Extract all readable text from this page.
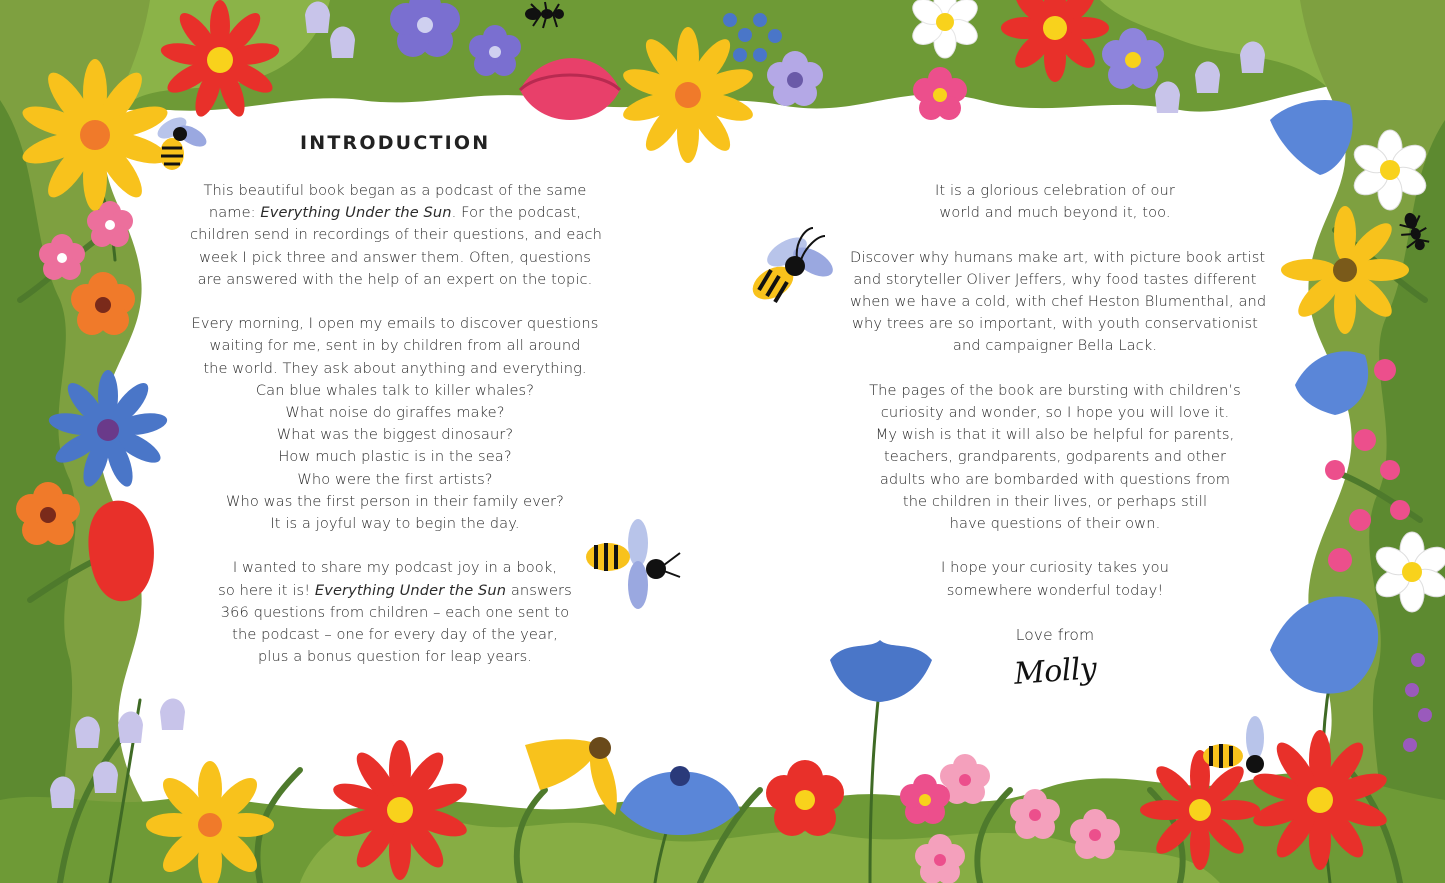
INTRODUCTION

This beautiful book began as a podcast of the same
name: Everything Under the Sun. For the podcast,
children send in recordings of their questions, and each
week I pick three and answer them. Often, questions
are answered with the help of an expert on the topic.

Every morning, I open my emails to discover questions
waiting for me, sent in by children from all around
the world. They ask about anything and everything.
Can blue whales talk to killer whales?
What noise do giraffes make?
What was the biggest dinosaur?
How much plastic is in the sea?
Who were the first artists?
Who was the first person in their family ever?
It is a joyful way to begin the day.

I wanted to share my podcast joy in a book,
so here it is! Everything Under the Sun answers
366 questions from children – each one sent to
the podcast – one for every day of the year,
plus a bonus question for leap years.

It is a glorious celebration of our
world and much beyond it, too.

Discover why humans make art, with picture book artist
and storyteller Oliver Jeffers, why food tastes different
when we have a cold, with chef Heston Blumenthal, and
why trees are so important, with youth conservationist
and campaigner Bella Lack.

The pages of the book are bursting with children’s
curiosity and wonder, so I hope you will love it.
My wish is that it will also be helpful for parents,
teachers, grandparents, godparents and other
adults who are bombarded with questions from
the children in their lives, or perhaps still
have questions of their own.

I hope your curiosity takes you
somewhere wonderful today!

Love from
Molly
